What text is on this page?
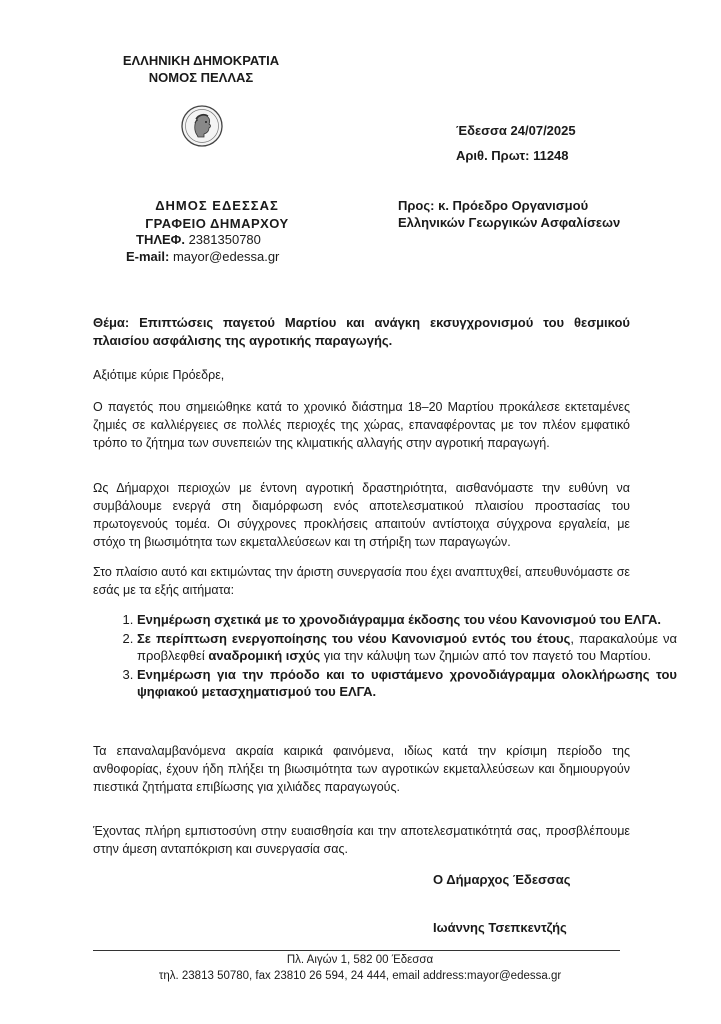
ΕΛΛΗΝΙΚΗ ΔΗΜΟΚΡΑΤΙΑ
ΝΟΜΟΣ ΠΕΛΛΑΣ
ΔΗΜΟΣ ΕΔΕΣΣΑΣ
ΓΡΑΦΕΙΟ ΔΗΜΑΡΧΟΥ
ΤΗΛΕΦ. 2381350780
E-mail: mayor@edessa.gr
Έδεσσα 24/07/2025
Αριθ. Πρωτ: 11248
Προς: κ. Πρόεδρο Οργανισμού
Ελληνικών Γεωργικών Ασφαλίσεων
Θέμα: Επιπτώσεις παγετού Μαρτίου και ανάγκη εκσυγχρονισμού του θεσμικού πλαισίου ασφάλισης της αγροτικής παραγωγής.
Αξιότιμε κύριε Πρόεδρε,
Ο παγετός που σημειώθηκε κατά το χρονικό διάστημα 18–20 Μαρτίου προκάλεσε εκτεταμένες ζημιές σε καλλιέργειες σε πολλές περιοχές της χώρας, επαναφέροντας με τον πλέον εμφατικό τρόπο το ζήτημα των συνεπειών της κλιματικής αλλαγής στην αγροτική παραγωγή.
Ως Δήμαρχοι περιοχών με έντονη αγροτική δραστηριότητα, αισθανόμαστε την ευθύνη να συμβάλουμε ενεργά στη διαμόρφωση ενός αποτελεσματικού πλαισίου προστασίας του πρωτογενούς τομέα. Οι σύγχρονες προκλήσεις απαιτούν αντίστοιχα σύγχρονα εργαλεία, με στόχο τη βιωσιμότητα των εκμεταλλεύσεων και τη στήριξη των παραγωγών.
Στο πλαίσιο αυτό και εκτιμώντας την άριστη συνεργασία που έχει αναπτυχθεί, απευθυνόμαστε σε εσάς με τα εξής αιτήματα:
1. Ενημέρωση σχετικά με το χρονοδιάγραμμα έκδοσης του νέου Κανονισμού του ΕΛΓΑ.
2. Σε περίπτωση ενεργοποίησης του νέου Κανονισμού εντός του έτους, παρακαλούμε να προβλεφθεί αναδρομική ισχύς για την κάλυψη των ζημιών από τον παγετό του Μαρτίου.
3. Ενημέρωση για την πρόοδο και το υφιστάμενο χρονοδιάγραμμα ολοκλήρωσης του ψηφιακού μετασχηματισμού του ΕΛΓΑ.
Τα επαναλαμβανόμενα ακραία καιρικά φαινόμενα, ιδίως κατά την κρίσιμη περίοδο της ανθοφορίας, έχουν ήδη πλήξει τη βιωσιμότητα των αγροτικών εκμεταλλεύσεων και δημιουργούν πιεστικά ζητήματα επιβίωσης για χιλιάδες παραγωγούς.
Έχοντας πλήρη εμπιστοσύνη στην ευαισθησία και την αποτελεσματικότητά σας, προσβλέπουμε στην άμεση ανταπόκριση και συνεργασία σας.
Ο Δήμαρχος Έδεσσας
Ιωάννης Τσεπκεντζής
Πλ. Αιγών 1, 582 00 Έδεσσα
τηλ. 23813 50780, fax 23810 26 594, 24 444, email address:mayor@edessa.gr
